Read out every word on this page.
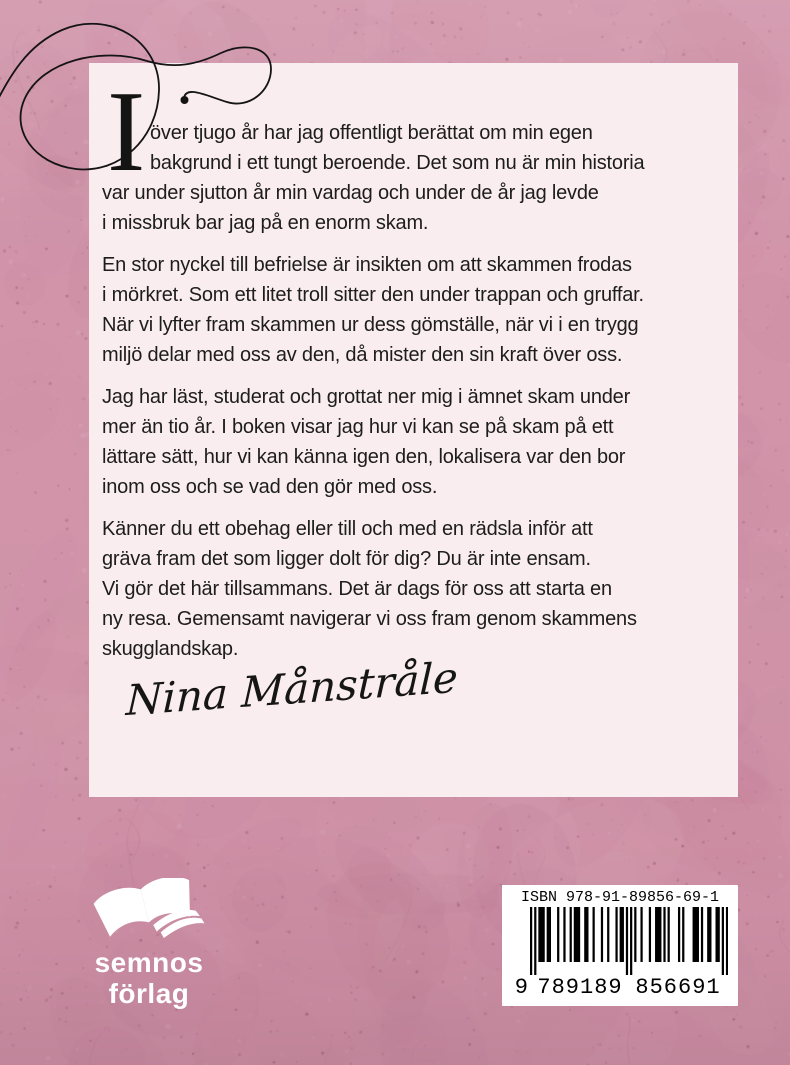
I över tjugo år har jag offentligt berättat om min egen
bakgrund i ett tungt beroende. Det som nu är min historia
var under sjutton år min vardag och under de år jag levde
i missbruk bar jag på en enorm skam.
En stor nyckel till befrielse är insikten om att skammen frodas
i mörkret. Som ett litet troll sitter den under trappan och gruffar.
När vi lyfter fram skammen ur dess gömställe, när vi i en trygg
miljö delar med oss av den, då mister den sin kraft över oss.
Jag har läst, studerat och grottat ner mig i ämnet skam under
mer än tio år. I boken visar jag hur vi kan se på skam på ett
lättare sätt, hur vi kan känna igen den, lokalisera var den bor
inom oss och se vad den gör med oss.
Känner du ett obehag eller till och med en rädsla inför att
gräva fram det som ligger dolt för dig? Du är inte ensam.
Vi gör det här tillsammans. Det är dags för oss att starta en
ny resa. Gemensamt navigerar vi oss fram genom skammens
skugglandskap.
Nina Månstråle
semnos
förlag
ISBN 978-91-89856-69-1
9 789189 856691
